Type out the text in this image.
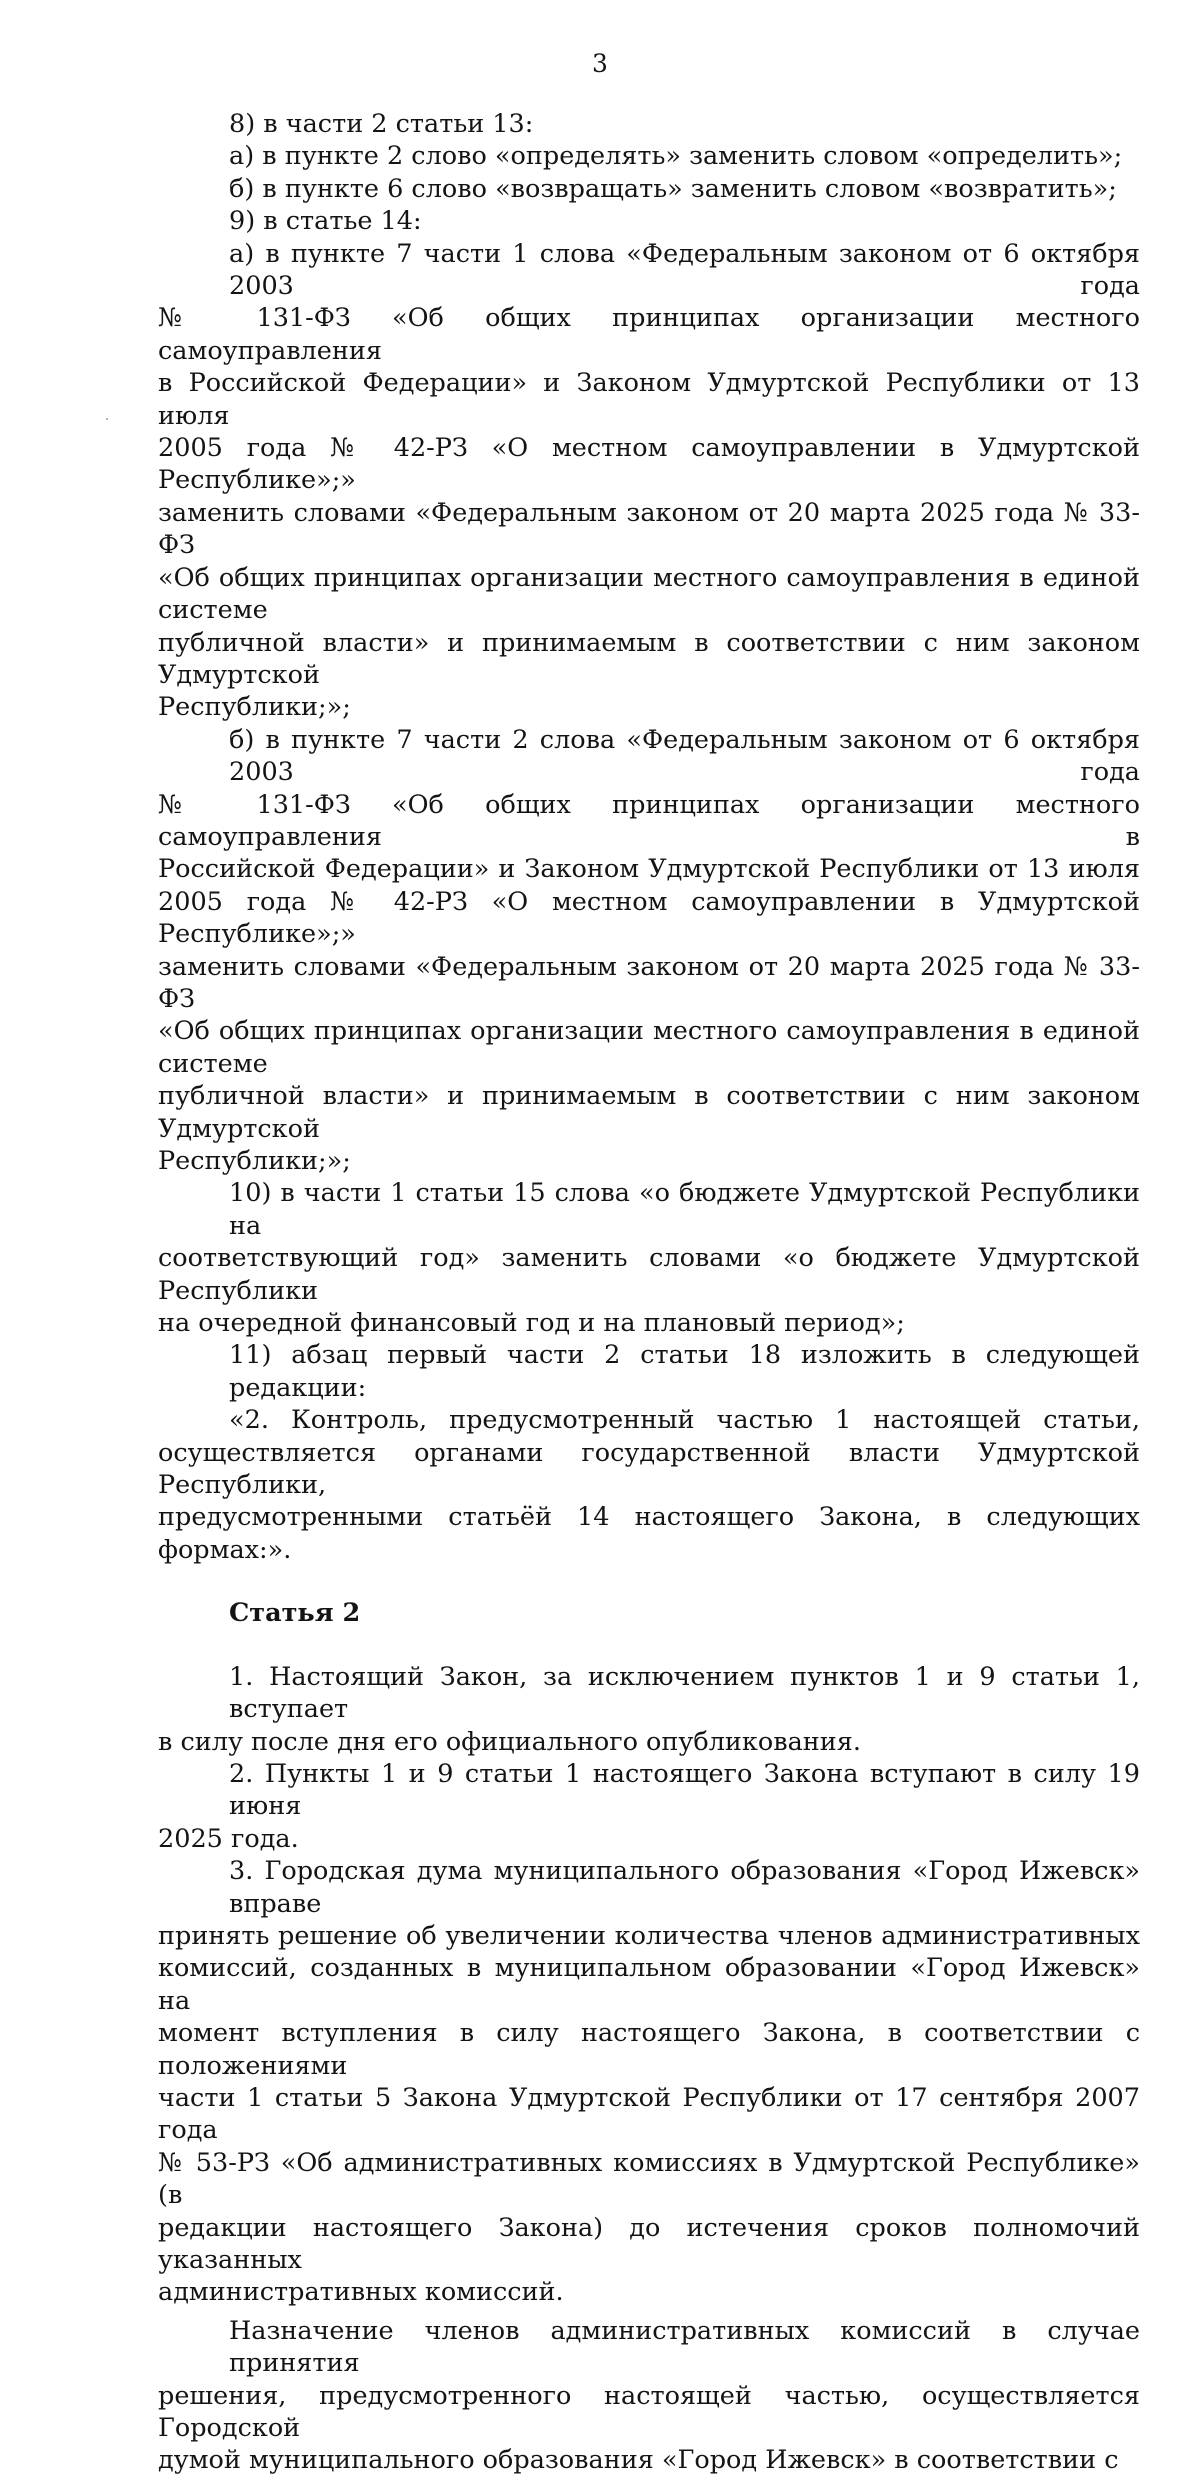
3
8) в части 2 статьи 13:
а) в пункте 2 слово «определять» заменить словом «определить»;
б) в пункте 6 слово «возвращать» заменить словом «возвратить»;
9) в статье 14:
а) в пункте 7 части 1 слова «Федеральным законом от 6 октября 2003 года
№ 131-ФЗ «Об общих принципах организации местного самоуправления
в Российской Федерации» и Законом Удмуртской Республики от 13 июля
2005 года № 42-РЗ «О местном самоуправлении в Удмуртской Республике»;»
заменить словами «Федеральным законом от 20 марта 2025 года № 33-ФЗ
«Об общих принципах организации местного самоуправления в единой системе
публичной власти» и принимаемым в соответствии с ним законом Удмуртской
Республики;»;
б) в пункте 7 части 2 слова «Федеральным законом от 6 октября 2003 года
№ 131-ФЗ «Об общих принципах организации местного самоуправления в
Российской Федерации» и Законом Удмуртской Республики от 13 июля
2005 года № 42-РЗ «О местном самоуправлении в Удмуртской Республике»;»
заменить словами «Федеральным законом от 20 марта 2025 года № 33-ФЗ
«Об общих принципах организации местного самоуправления в единой системе
публичной власти» и принимаемым в соответствии с ним законом Удмуртской
Республики;»;
10) в части 1 статьи 15 слова «о бюджете Удмуртской Республики на
соответствующий год» заменить словами «о бюджете Удмуртской Республики
на очередной финансовый год и на плановый период»;
11) абзац первый части 2 статьи 18 изложить в следующей редакции:
«2. Контроль, предусмотренный частью 1 настоящей статьи,
осуществляется органами государственной власти Удмуртской Республики,
предусмотренными статьёй 14 настоящего Закона, в следующих формах:».
Статья 2
1. Настоящий Закон, за исключением пунктов 1 и 9 статьи 1, вступает
в силу после дня его официального опубликования.
2. Пункты 1 и 9 статьи 1 настоящего Закона вступают в силу 19 июня
2025 года.
3. Городская дума муниципального образования «Город Ижевск» вправе
принять решение об увеличении количества членов административных
комиссий, созданных в муниципальном образовании «Город Ижевск» на
момент вступления в силу настоящего Закона, в соответствии с положениями
части 1 статьи 5 Закона Удмуртской Республики от 17 сентября 2007 года
№ 53-РЗ «Об административных комиссиях в Удмуртской Республике» (в
редакции настоящего Закона) до истечения сроков полномочий указанных
административных комиссий.
Назначение членов административных комиссий в случае принятия
решения, предусмотренного настоящей частью, осуществляется Городской
думой муниципального образования «Город Ижевск» в соответствии с
